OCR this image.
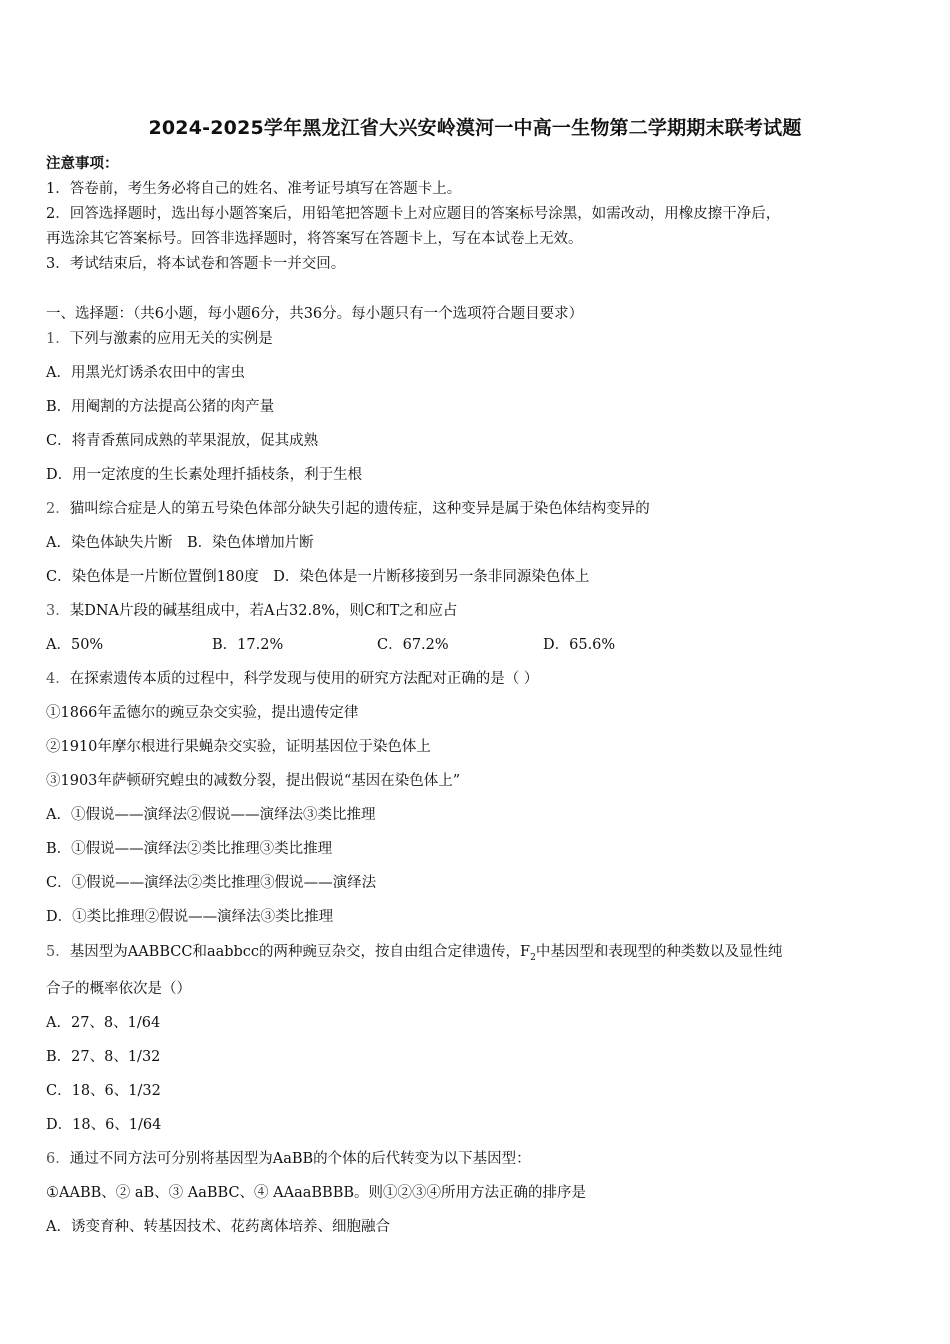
2024-2025学年黑龙江省大兴安岭漠河一中高一生物第二学期期末联考试题
注意事项：
1．答卷前，考生务必将自己的姓名、准考证号填写在答题卡上。
2．回答选择题时，选出每小题答案后，用铅笔把答题卡上对应题目的答案标号涂黑，如需改动，用橡皮擦干净后，
再选涂其它答案标号。回答非选择题时，将答案写在答题卡上，写在本试卷上无效。
3．考试结束后，将本试卷和答题卡一并交回。
一、选择题：（共6小题，每小题6分，共36分。每小题只有一个选项符合题目要求）
1．下列与激素的应用无关的实例是
A．用黑光灯诱杀农田中的害虫
B．用阉割的方法提高公猪的肉产量
C．将青香蕉同成熟的苹果混放，促其成熟
D．用一定浓度的生长素处理扦插枝条，利于生根
2．猫叫综合症是人的第五号染色体部分缺失引起的遗传症，这种变异是属于染色体结构变异的
A．染色体缺失片断　B．染色体增加片断
C．染色体是一片断位置倒180度　D．染色体是一片断移接到另一条非同源染色体上
3．某DNA片段的碱基组成中，若A占32.8%，则C和T之和应占
A．50%	B．17.2%	C．67.2%	D．65.6%
4．在探索遗传本质的过程中，科学发现与使用的研究方法配对正确的是（ ）
①1866年孟德尔的豌豆杂交实验，提出遗传定律
②1910年摩尔根进行果蝇杂交实验，证明基因位于染色体上
③1903年萨顿研究蝗虫的减数分裂，提出假说“基因在染色体上”
A．①假说——演绎法②假说——演绎法③类比推理
B．①假说——演绎法②类比推理③类比推理
C．①假说——演绎法②类比推理③假说——演绎法
D．①类比推理②假说——演绎法③类比推理
5．基因型为AABBCC和aabbcc的两种豌豆杂交，按自由组合定律遗传，$F_2$中基因型和表现型的种类数以及显性纯
合子的概率依次是（）
A．27、8、1/64
B．27、8、1/32
C．18、6、1/32
D．18、6、1/64
6．通过不同方法可分别将基因型为AaBB的个体的后代转变为以下基因型：
①AABB、② aB、③ AaBBC、④ AAaaBBBB。则①②③④所用方法正确的排序是
A．诱变育种、转基因技术、花药离体培养、细胞融合
